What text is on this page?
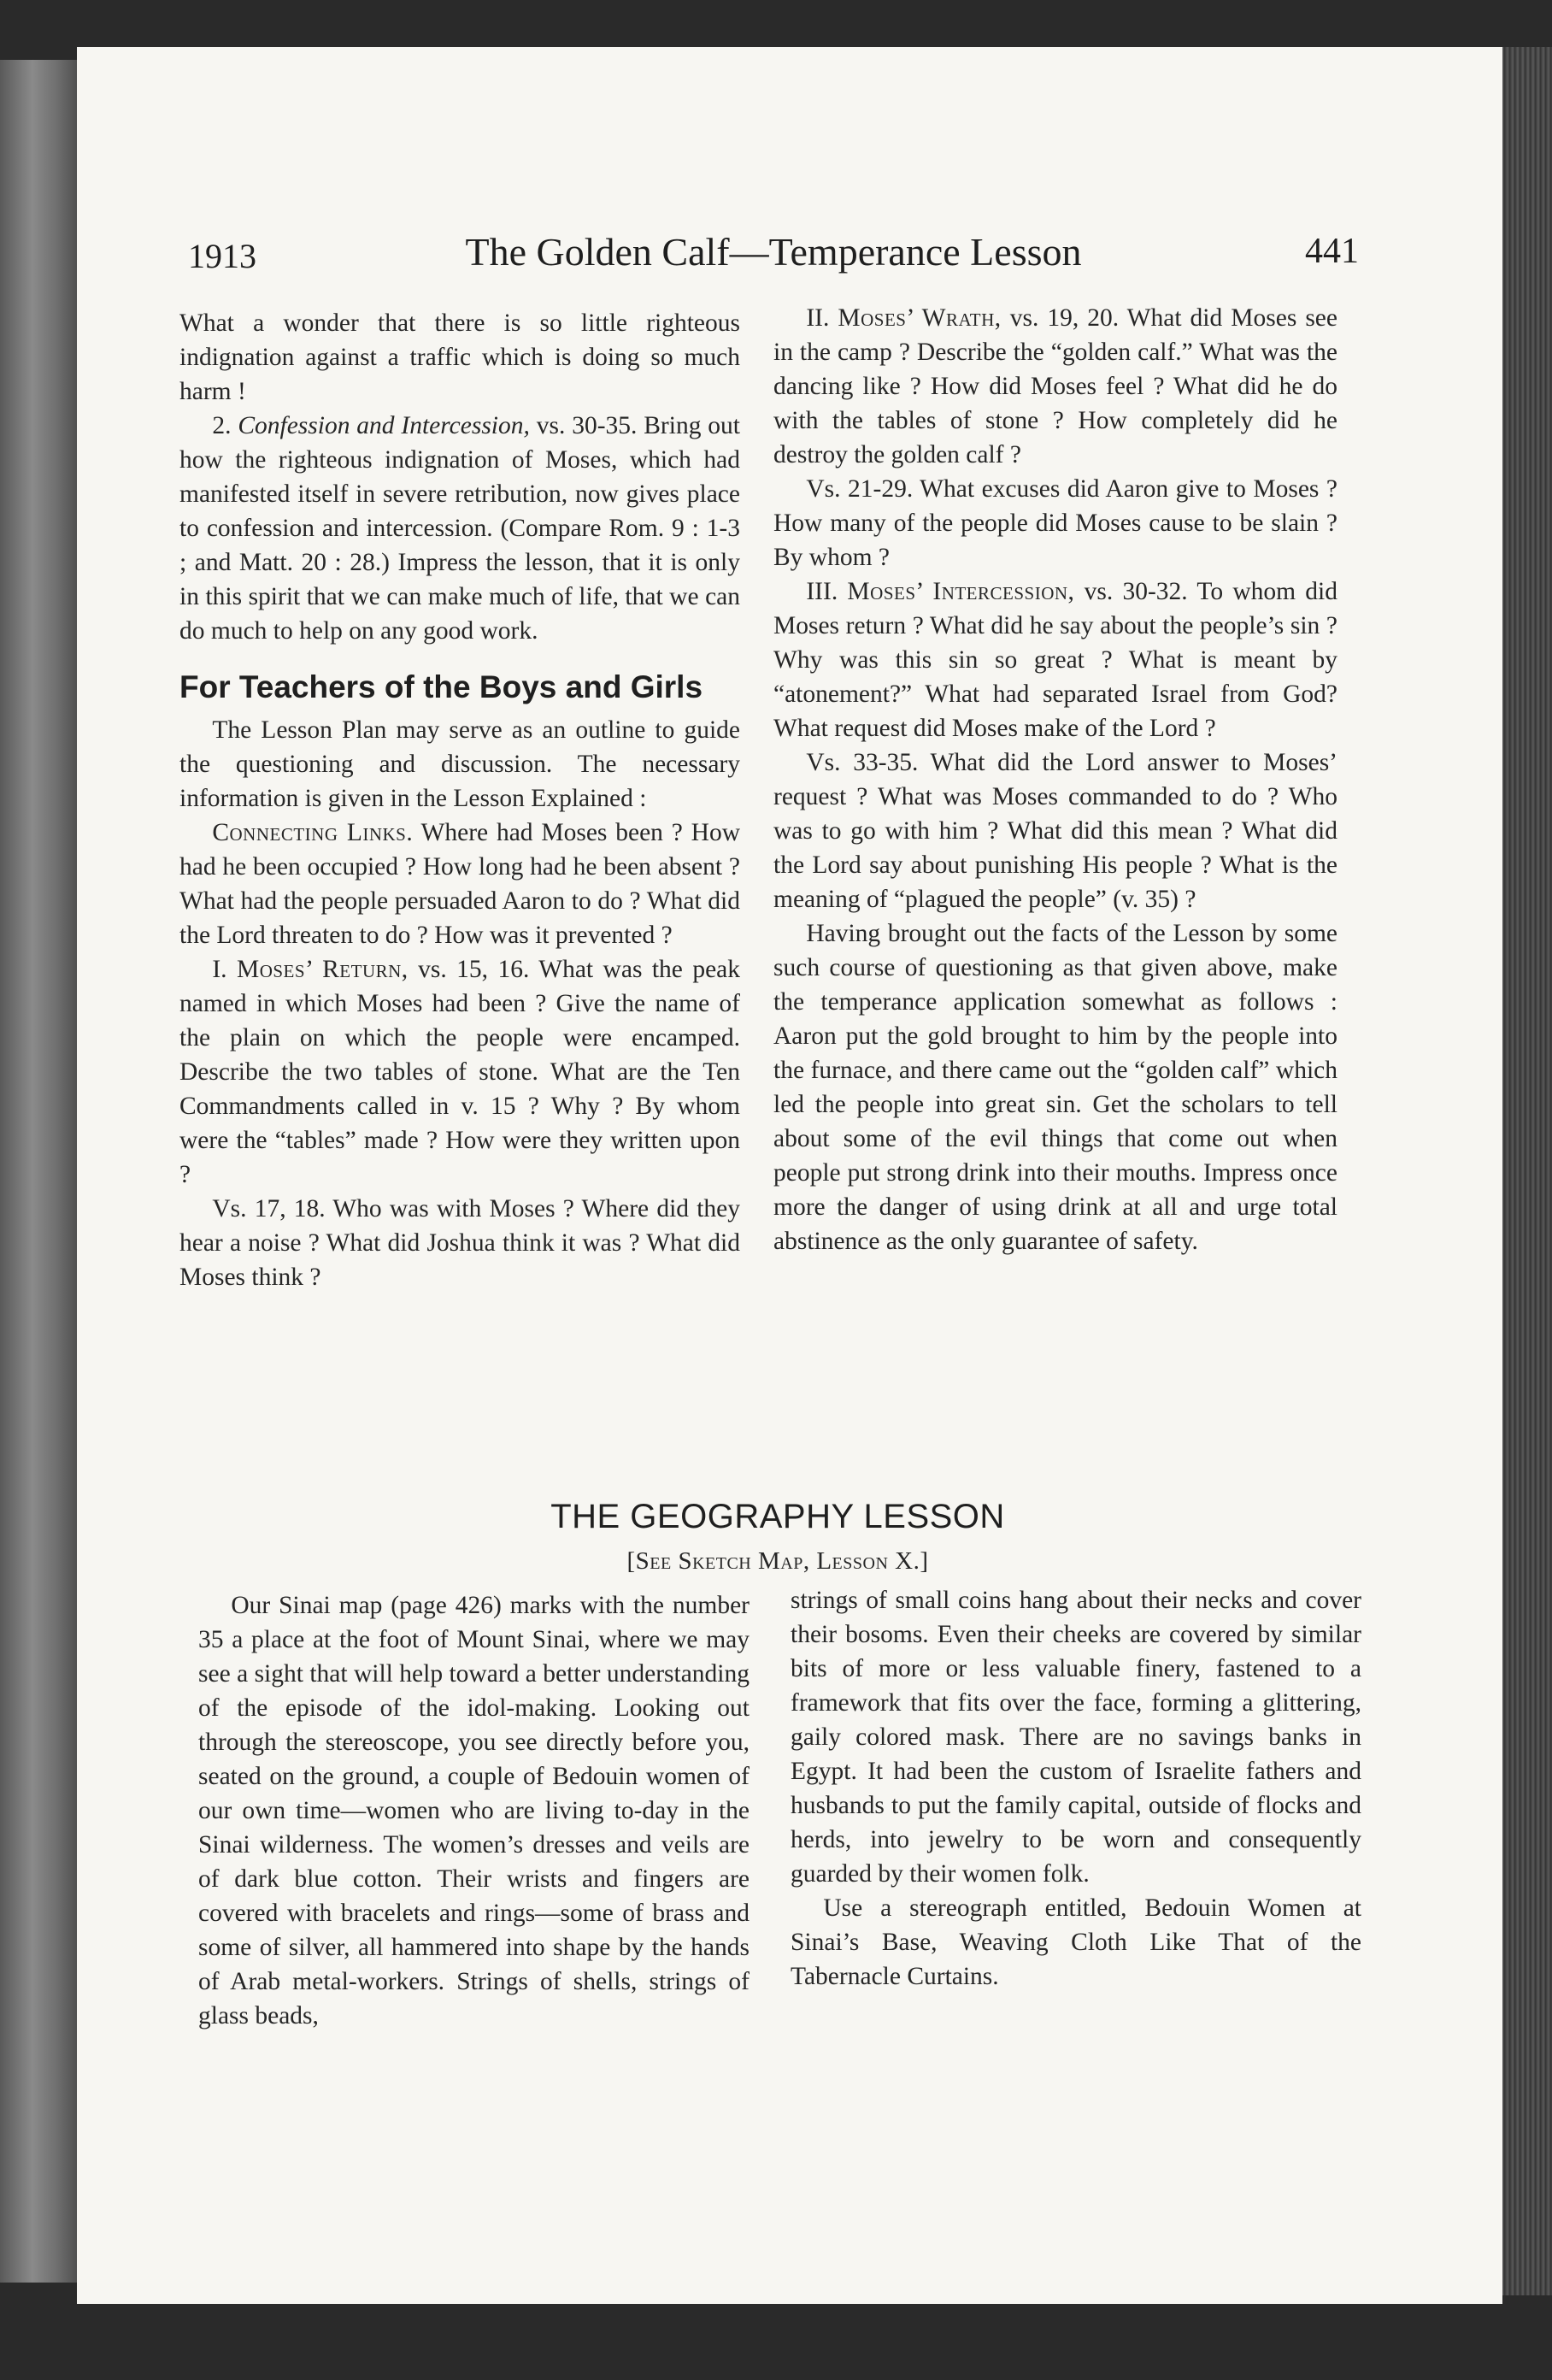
1913	The Golden Calf—Temperance Lesson	441

What a wonder that there is so little righteous indignation against a traffic which is doing so much harm !

2. Confession and Intercession, vs. 30-35. Bring out how the righteous indignation of Moses, which had manifested itself in severe retribution, now gives place to confession and intercession. (Compare Rom. 9 : 1-3 ; and Matt. 20 : 28.) Impress the lesson, that it is only in this spirit that we can make much of life, that we can do much to help on any good work.

For Teachers of the Boys and Girls

The Lesson Plan may serve as an outline to guide the questioning and discussion. The necessary information is given in the Lesson Explained :

Connecting Links. Where had Moses been ? How had he been occupied ? How long had he been absent ? What had the people persuaded Aaron to do ? What did the Lord threaten to do ? How was it prevented ?

I. Moses’ Return, vs. 15, 16. What was the peak named in which Moses had been ? Give the name of the plain on which the people were encamped. Describe the two tables of stone. What are the Ten Commandments called in v. 15 ? Why ? By whom were the “tables” made ? How were they written upon ?

Vs. 17, 18. Who was with Moses ? Where did they hear a noise ? What did Joshua think it was ? What did Moses think ?

II. Moses’ Wrath, vs. 19, 20. What did Moses see in the camp ? Describe the “golden calf.” What was the dancing like ? How did Moses feel ? What did he do with the tables of stone ? How completely did he destroy the golden calf ?

Vs. 21-29. What excuses did Aaron give to Moses ? How many of the people did Moses cause to be slain ? By whom ?

III. Moses’ Intercession, vs. 30-32. To whom did Moses return ? What did he say about the people’s sin ? Why was this sin so great ? What is meant by “atonement?” What had separated Israel from God? What request did Moses make of the Lord ?

Vs. 33-35. What did the Lord answer to Moses’ request ? What was Moses commanded to do ? Who was to go with him ? What did this mean ? What did the Lord say about punishing His people ? What is the meaning of “plagued the people” (v. 35) ?

Having brought out the facts of the Lesson by some such course of questioning as that given above, make the temperance application somewhat as follows : Aaron put the gold brought to him by the people into the furnace, and there came out the “golden calf” which led the people into great sin. Get the scholars to tell about some of the evil things that come out when people put strong drink into their mouths. Impress once more the danger of using drink at all and urge total abstinence as the only guarantee of safety.

THE GEOGRAPHY LESSON
[See Sketch Map, Lesson X.]

Our Sinai map (page 426) marks with the number 35 a place at the foot of Mount Sinai, where we may see a sight that will help toward a better understanding of the episode of the idol-making. Looking out through the stereoscope, you see directly before you, seated on the ground, a couple of Bedouin women of our own time—women who are living to-day in the Sinai wilderness. The women’s dresses and veils are of dark blue cotton. Their wrists and fingers are covered with bracelets and rings—some of brass and some of silver, all hammered into shape by the hands of Arab metal-workers. Strings of shells, strings of glass beads,

strings of small coins hang about their necks and cover their bosoms. Even their cheeks are covered by similar bits of more or less valuable finery, fastened to a framework that fits over the face, forming a glittering, gaily colored mask. There are no savings banks in Egypt. It had been the custom of Israelite fathers and husbands to put the family capital, outside of flocks and herds, into jewelry to be worn and consequently guarded by their women folk.

Use a stereograph entitled, Bedouin Women at Sinai’s Base, Weaving Cloth Like That of the Tabernacle Curtains.
